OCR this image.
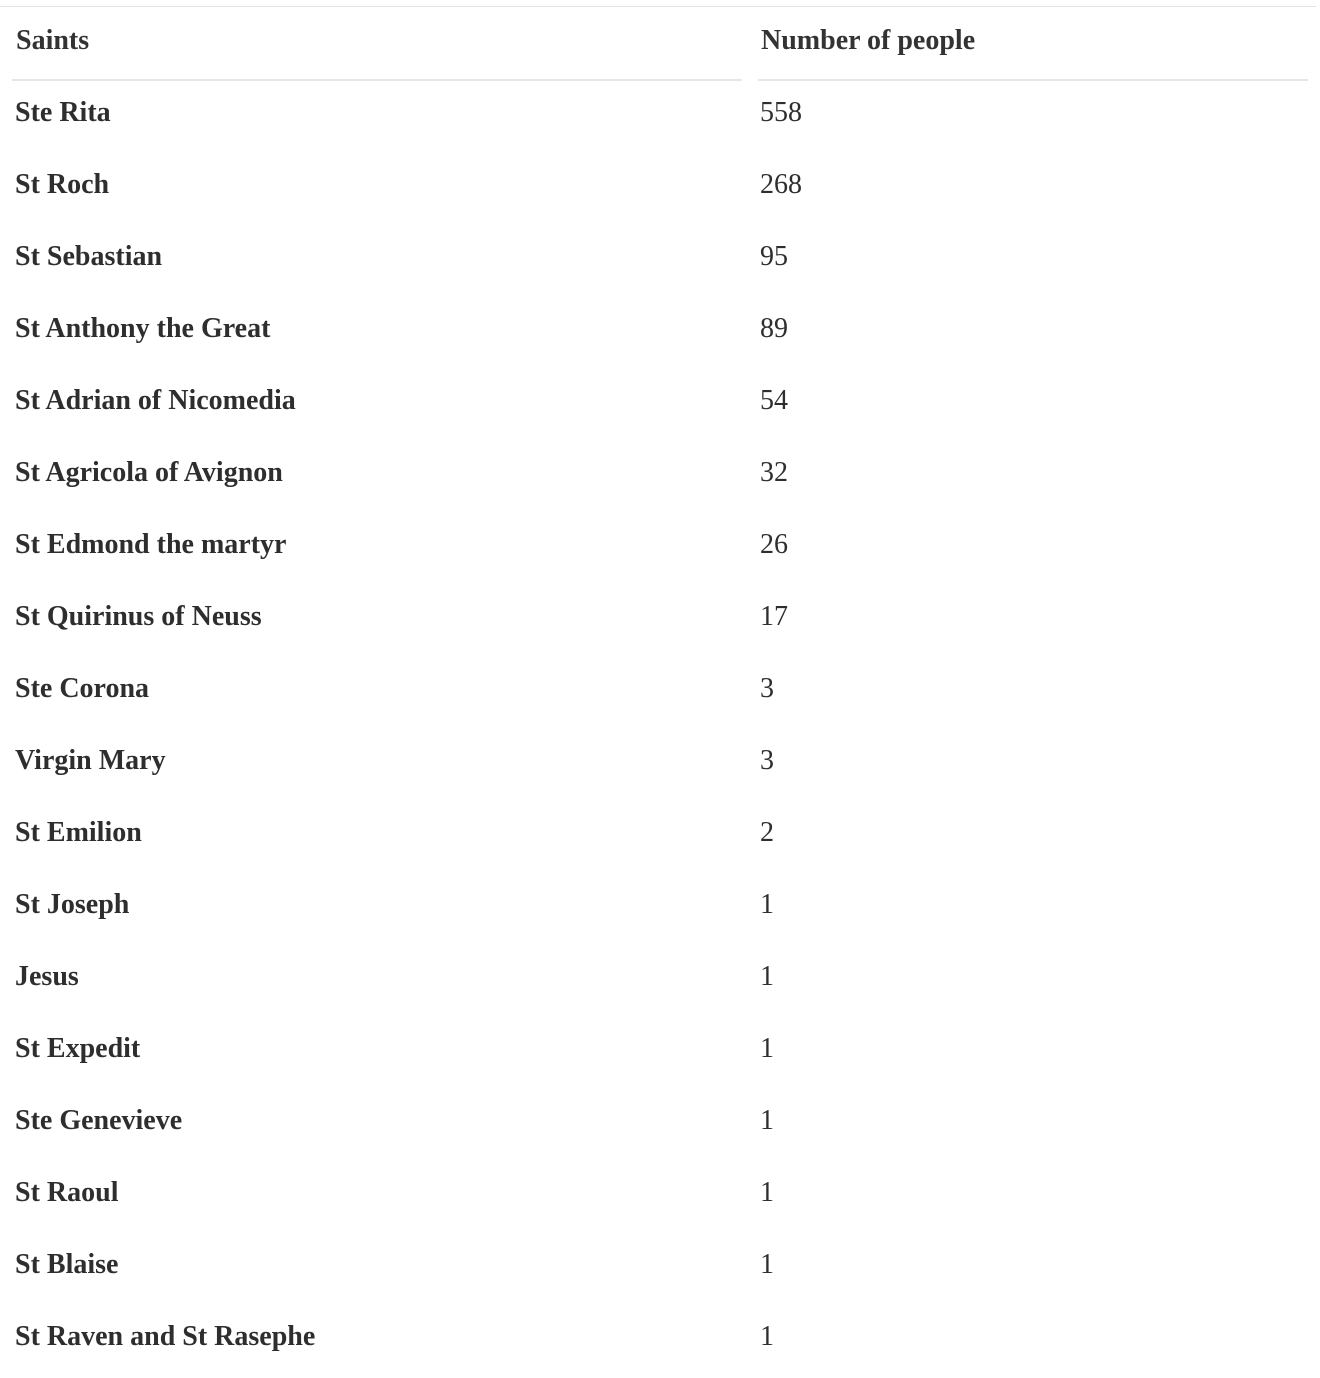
Saints	Number of people
Ste Rita	558
St Roch	268
St Sebastian	95
St Anthony the Great	89
St Adrian of Nicomedia	54
St Agricola of Avignon	32
St Edmond the martyr	26
St Quirinus of Neuss	17
Ste Corona	3
Virgin Mary	3
St Emilion	2
St Joseph	1
Jesus	1
St Expedit	1
Ste Genevieve	1
St Raoul	1
St Blaise	1
St Raven and St Rasephe	1
